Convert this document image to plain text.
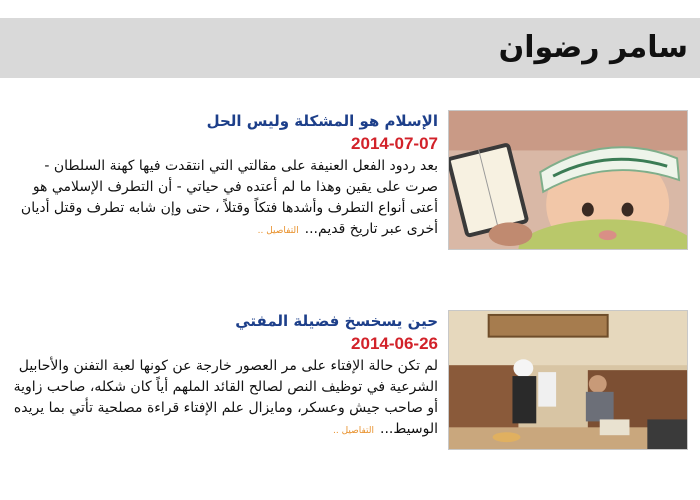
سامر رضوان
الإسلام هو المشكلة وليس الحل
2014-07-07
بعد ردود الفعل العنيفة على مقالتي التي انتقدت فيها كهنة السلطان - صرت على يقين وهذا ما لم أعتده في حياتي - أن التطرف الإسلامي هو أعتى أنواع التطرف وأشدها فتكاً وقتلاً ، حتى وإن شابه تطرف وقتل أديان أخرى عبر تاريخ قديم...التفاصيل ..
حين يسخسخ فضيلة المفتي
2014-06-26
لم تكن حالة الإفتاء على مر العصور خارجة عن كونها لعبة التفنن والأحابيل الشرعية في توظيف النص لصالح القائد الملهم أياً كان شكله، صاحب زاوية أو صاحب جيش وعسكر، ومايزال علم الإفتاء قراءة مصلحية تأتي بما يريده الوسيط...التفاصيل ..
